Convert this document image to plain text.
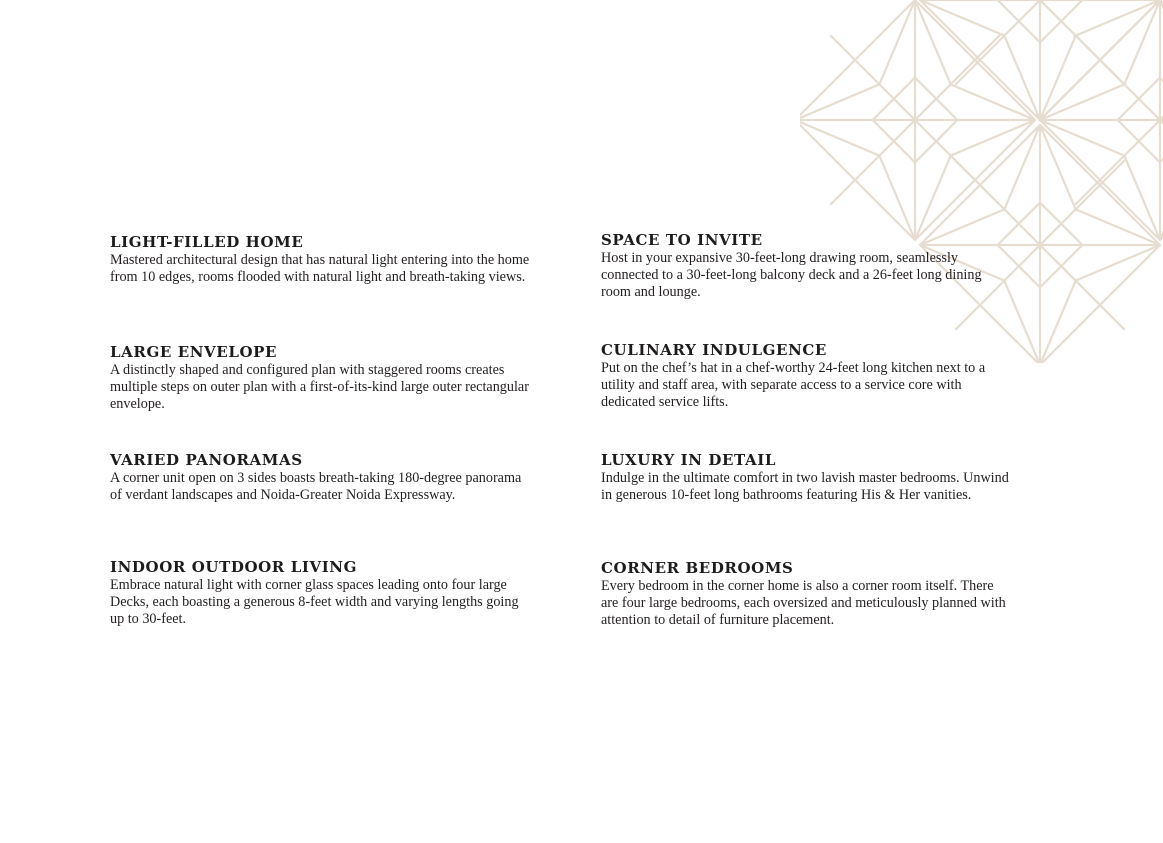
LIGHT-FILLED HOME

Mastered architectural design that has natural light entering into the home from 10 edges, rooms flooded with natural light and breath-taking views.

LARGE ENVELOPE

A distinctly shaped and configured plan with staggered rooms creates multiple steps on outer plan with a first-of-its-kind large outer rectangular envelope.

VARIED PANORAMAS

A corner unit open on 3 sides boasts breath-taking 180-degree panorama of verdant landscapes and Noida-Greater Noida Expressway.

INDOOR OUTDOOR LIVING

Embrace natural light with corner glass spaces leading onto four large Decks, each boasting a generous 8-feet width and varying lengths going up to 30-feet.

SPACE TO INVITE

Host in your expansive 30-feet-long drawing room, seamlessly connected to a 30-feet-long balcony deck and a 26-feet long dining room and lounge.

CULINARY INDULGENCE

Put on the chef’s hat in a chef-worthy 24-feet long kitchen next to a utility and staff area, with separate access to a service core with dedicated service lifts.

LUXURY IN DETAIL

Indulge in the ultimate comfort in two lavish master bedrooms. Unwind in generous 10-feet long bathrooms featuring His & Her vanities.

CORNER BEDROOMS

Every bedroom in the corner home is also a corner room itself. There are four large bedrooms, each oversized and meticulously planned with attention to detail of furniture placement.
